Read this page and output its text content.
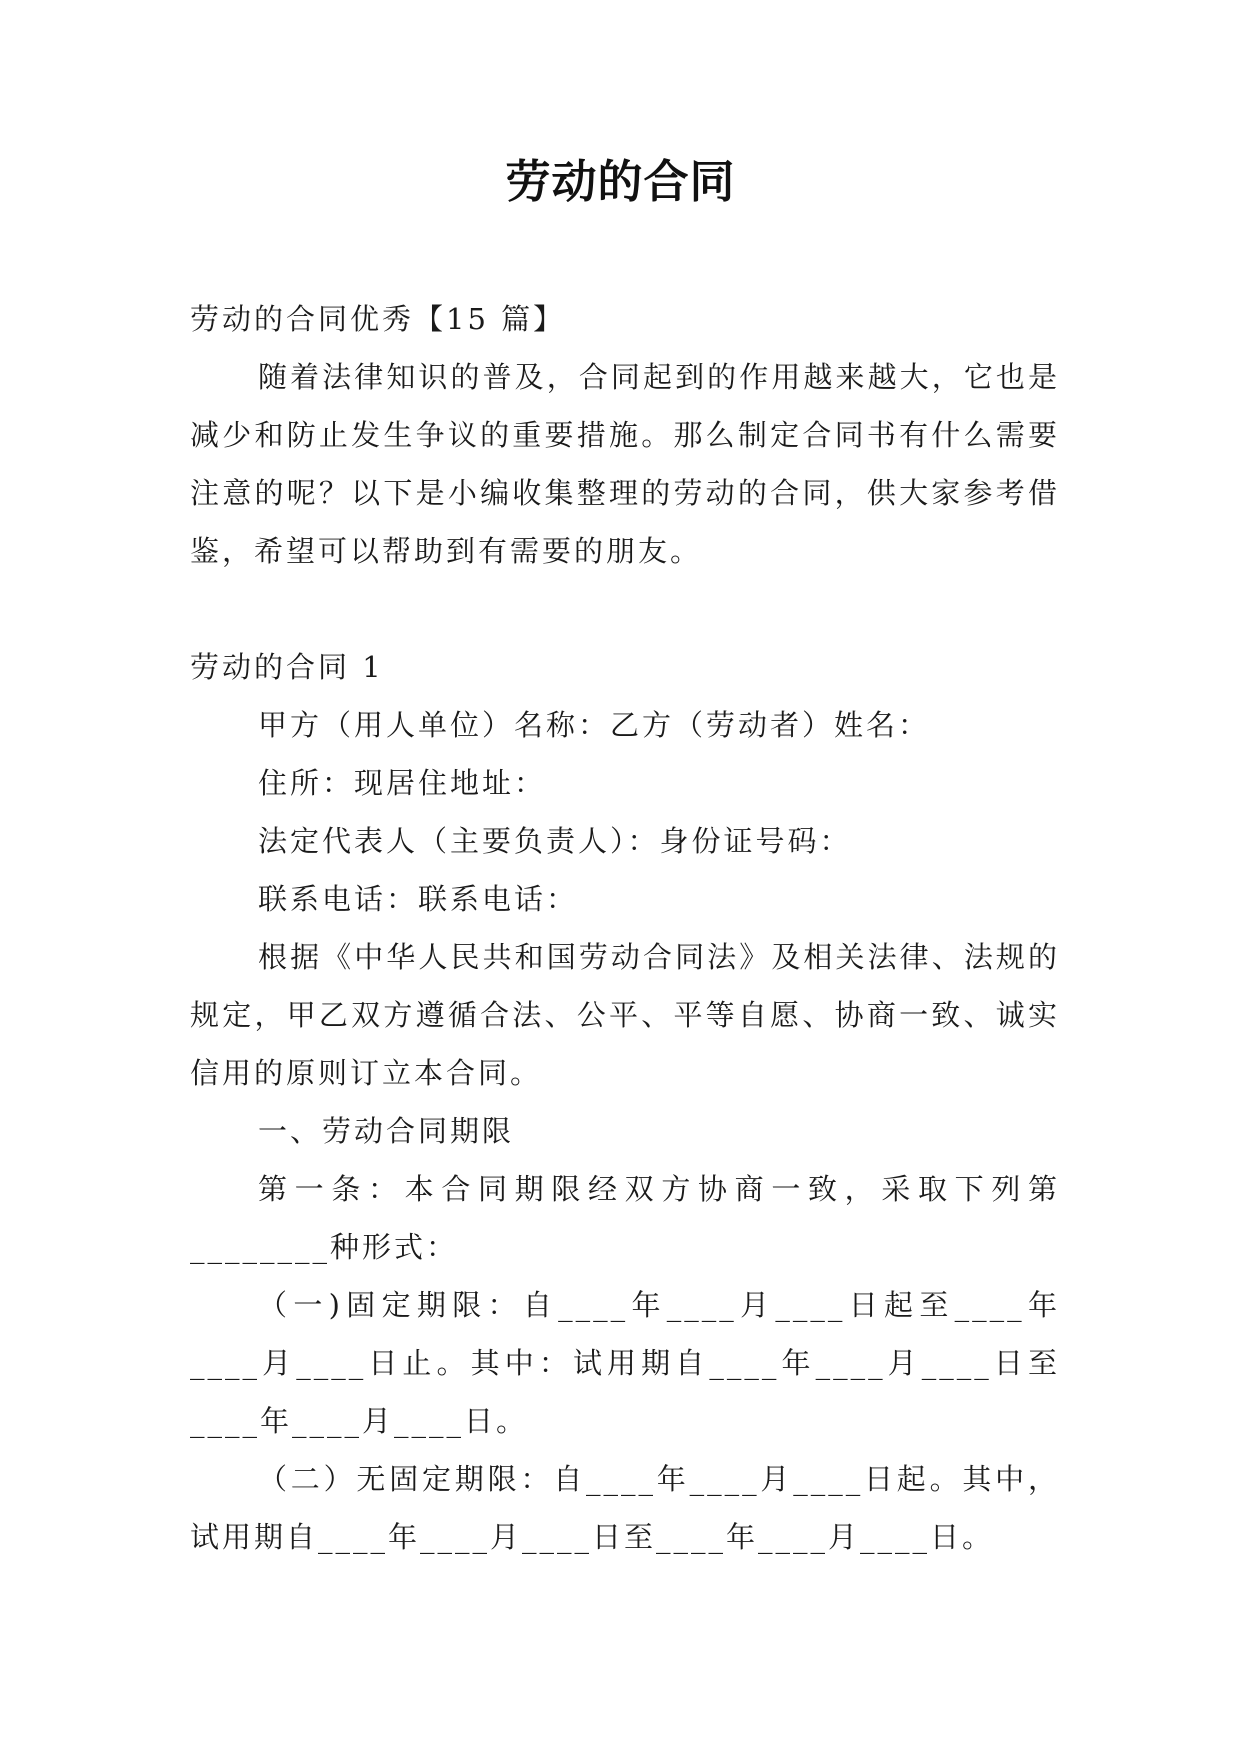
劳动的合同

劳动的合同优秀【15 篇】

随着法律知识的普及，合同起到的作用越来越大，它也是减少和防止发生争议的重要措施。那么制定合同书有什么需要注意的呢？以下是小编收集整理的劳动的合同，供大家参考借鉴，希望可以帮助到有需要的朋友。

劳动的合同 1

甲方（用人单位）名称：乙方（劳动者）姓名：

住所：现居住地址：

法定代表人（主要负责人）：身份证号码：

联系电话：联系电话：

根据《中华人民共和国劳动合同法》及相关法律、法规的规定，甲乙双方遵循合法、公平、平等自愿、协商一致、诚实信用的原则订立本合同。

一、劳动合同期限

第一条：本合同期限经双方协商一致，采取下列第________种形式：

（一)固定期限：自____年____月____日起至____年____月____日止。其中：试用期自____年____月____日至____年____月____日。

（二）无固定期限：自____年____月____日起。其中，试用期自____年____月____日至____年____月____日。
